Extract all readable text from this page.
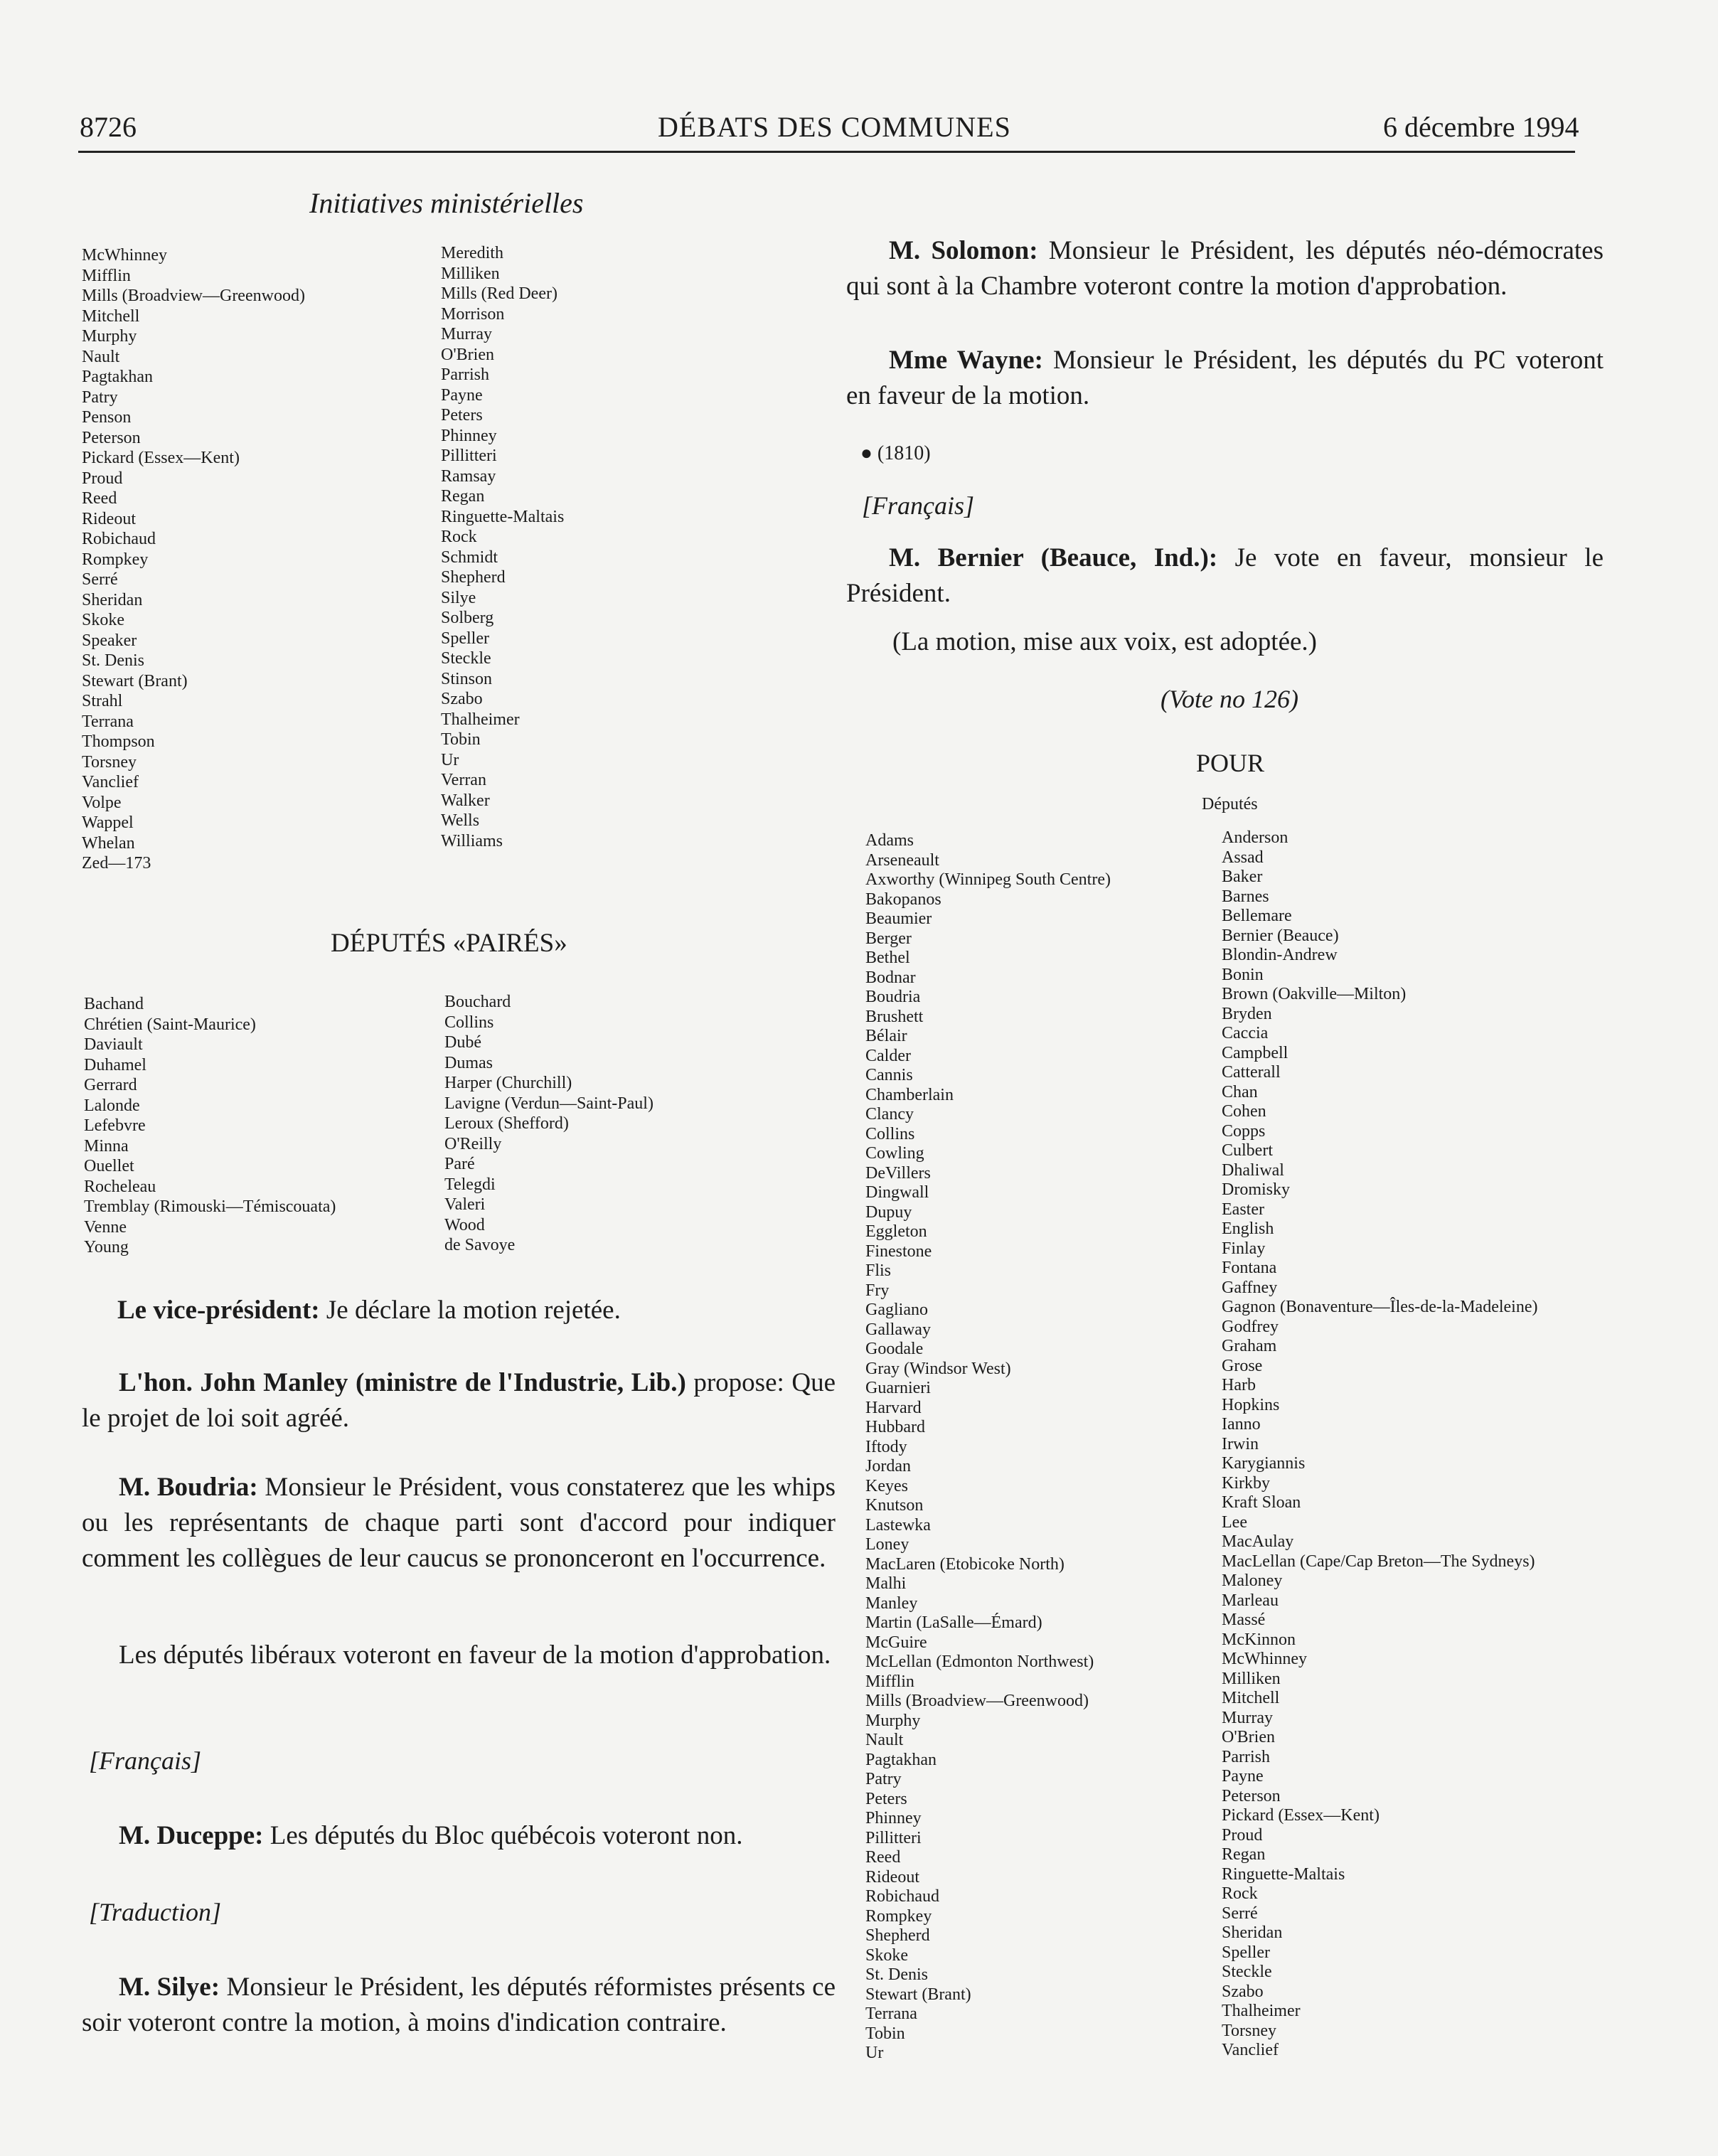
8726	DÉBATS DES COMMUNES	6 décembre 1994
Initiatives ministérielles
McWhinney
Mifflin
Mills (Broadview—Greenwood)
Mitchell
Murphy
Nault
Pagtakhan
Patry
Penson
Peterson
Pickard (Essex—Kent)
Proud
Reed
Rideout
Robichaud
Rompkey
Serré
Sheridan
Skoke
Speaker
St. Denis
Stewart (Brant)
Strahl
Terrana
Thompson
Torsney
Vanclief
Volpe
Wappel
Whelan
Zed—173
Meredith
Milliken
Mills (Red Deer)
Morrison
Murray
O'Brien
Parrish
Payne
Peters
Phinney
Pillitteri
Ramsay
Regan
Ringuette-Maltais
Rock
Schmidt
Shepherd
Silye
Solberg
Speller
Steckle
Stinson
Szabo
Thalheimer
Tobin
Ur
Verran
Walker
Wells
Williams
DÉPUTÉS «PAIRÉS»
Bachand
Chrétien (Saint-Maurice)
Daviault
Duhamel
Gerrard
Lalonde
Lefebvre
Minna
Ouellet
Rocheleau
Tremblay (Rimouski—Témiscouata)
Venne
Young
Bouchard
Collins
Dubé
Dumas
Harper (Churchill)
Lavigne (Verdun—Saint-Paul)
Leroux (Shefford)
O'Reilly
Paré
Telegdi
Valeri
Wood
de Savoye
Le vice-président: Je déclare la motion rejetée.
L'hon. John Manley (ministre de l'Industrie, Lib.) propose: Que le projet de loi soit agréé.
M. Boudria: Monsieur le Président, vous constaterez que les whips ou les représentants de chaque parti sont d'accord pour indiquer comment les collègues de leur caucus se prononceront en l'occurrence.
Les députés libéraux voteront en faveur de la motion d'approbation.
[Français]
M. Duceppe: Les députés du Bloc québécois voteront non.
[Traduction]
M. Silye: Monsieur le Président, les députés réformistes présents ce soir voteront contre la motion, à moins d'indication contraire.
M. Solomon: Monsieur le Président, les députés néo-démocrates qui sont à la Chambre voteront contre la motion d'approbation.
Mme Wayne: Monsieur le Président, les députés du PC voteront en faveur de la motion.
● (1810)
[Français]
M. Bernier (Beauce, Ind.): Je vote en faveur, monsieur le Président.
(La motion, mise aux voix, est adoptée.)
(Vote no 126)
POUR
Députés
Adams
Arseneault
Axworthy (Winnipeg South Centre)
Bakopanos
Beaumier
Berger
Bethel
Bodnar
Boudria
Brushett
Bélair
Calder
Cannis
Chamberlain
Clancy
Collins
Cowling
DeVillers
Dingwall
Dupuy
Eggleton
Finestone
Flis
Fry
Gagliano
Gallaway
Goodale
Gray (Windsor West)
Guarnieri
Harvard
Hubbard
Iftody
Jordan
Keyes
Knutson
Lastewka
Loney
MacLaren (Etobicoke North)
Malhi
Manley
Martin (LaSalle—Émard)
McGuire
McLellan (Edmonton Northwest)
Mifflin
Mills (Broadview—Greenwood)
Murphy
Nault
Pagtakhan
Patry
Peters
Phinney
Pillitteri
Reed
Rideout
Robichaud
Rompkey
Shepherd
Skoke
St. Denis
Stewart (Brant)
Terrana
Tobin
Ur
Anderson
Assad
Baker
Barnes
Bellemare
Bernier (Beauce)
Blondin-Andrew
Bonin
Brown (Oakville—Milton)
Bryden
Caccia
Campbell
Catterall
Chan
Cohen
Copps
Culbert
Dhaliwal
Dromisky
Easter
English
Finlay
Fontana
Gaffney
Gagnon (Bonaventure—Îles-de-la-Madeleine)
Godfrey
Graham
Grose
Harb
Hopkins
Ianno
Irwin
Karygiannis
Kirkby
Kraft Sloan
Lee
MacAulay
MacLellan (Cape/Cap Breton—The Sydneys)
Maloney
Marleau
Massé
McKinnon
McWhinney
Milliken
Mitchell
Murray
O'Brien
Parrish
Payne
Peterson
Pickard (Essex—Kent)
Proud
Regan
Ringuette-Maltais
Rock
Serré
Sheridan
Speller
Steckle
Szabo
Thalheimer
Torsney
Vanclief
